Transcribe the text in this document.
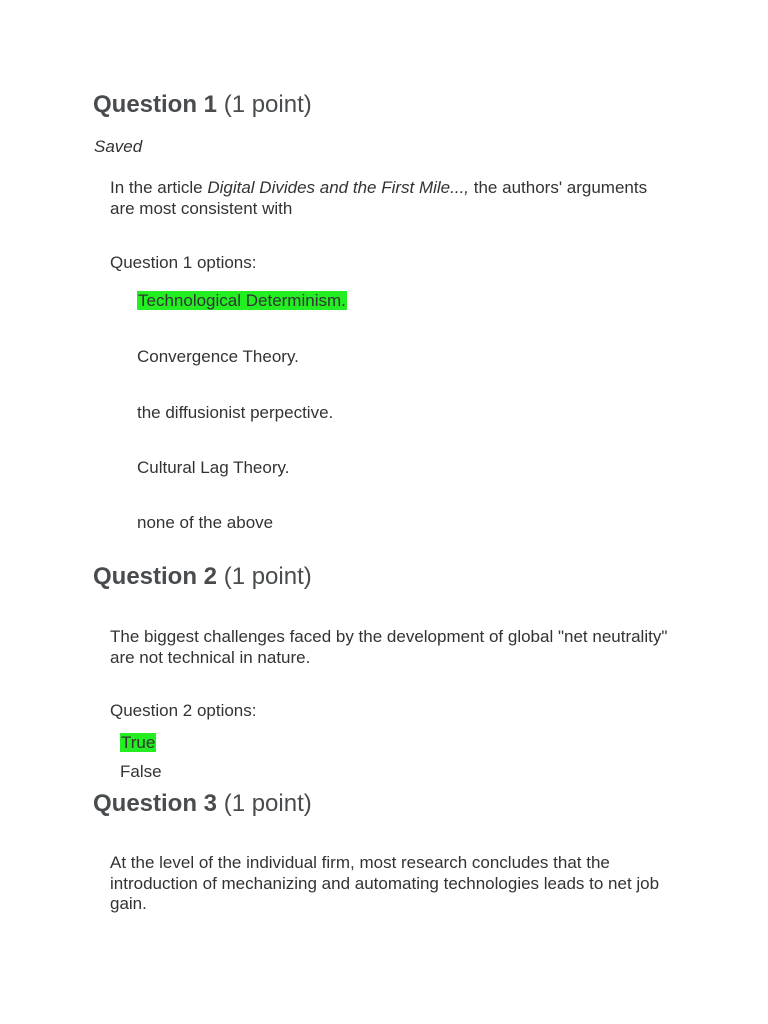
Question 1 (1 point)
Saved
In the article Digital Divides and the First Mile..., the authors' arguments are most consistent with
Question 1 options:
Technological Determinism.
Convergence Theory.
the diffusionist perpective.
Cultural Lag Theory.
none of the above
Question 2 (1 point)
The biggest challenges faced by the development of global "net neutrality" are not technical in nature.
Question 2 options:
True
False
Question 3 (1 point)
At the level of the individual firm, most research concludes that the introduction of mechanizing and automating technologies leads to net job gain.
